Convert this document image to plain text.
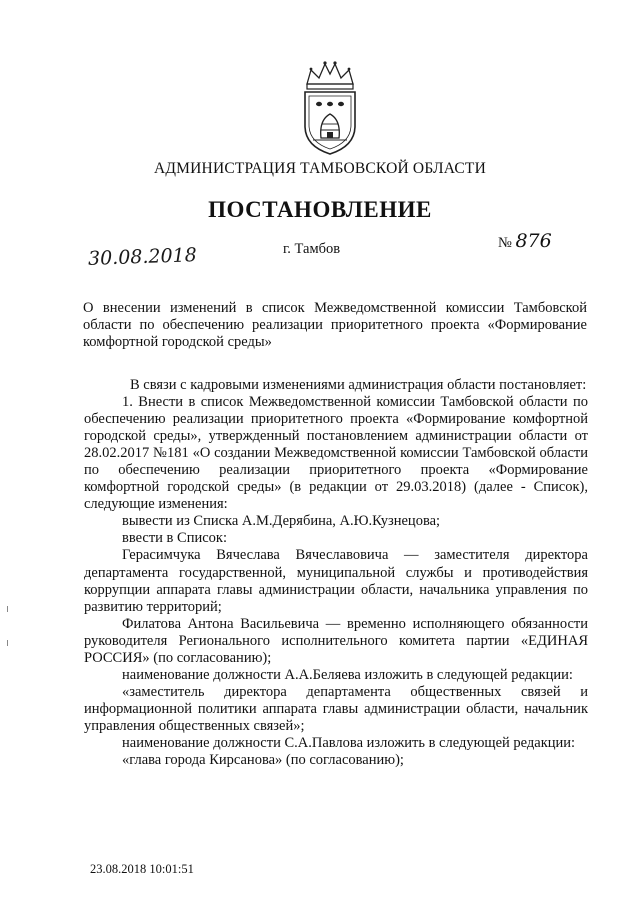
АДМИНИСТРАЦИЯ ТАМБОВСКОЙ ОБЛАСТИ
ПОСТАНОВЛЕНИЕ
30.08.2018	г. Тамбов	№ 876
О внесении изменений в список Межведомственной комиссии Тамбовской области по обеспечению реализации приоритетного проекта «Формирование комфортной городской среды»
В связи с кадровыми изменениями администрация области постановляет:
1. Внести в список Межведомственной комиссии Тамбовской области по обеспечению реализации приоритетного проекта «Формирование комфортной городской среды», утвержденный постановлением администрации области от 28.02.2017 №181 «О создании Межведомственной комиссии Тамбовской области по обеспечению реализации приоритетного проекта «Формирование комфортной городской среды» (в редакции от 29.03.2018) (далее - Список), следующие изменения:
вывести из Списка А.М.Дерябина, А.Ю.Кузнецова;
ввести в Список:
Герасимчука Вячеслава Вячеславовича — заместителя директора департамента государственной, муниципальной службы и противодействия коррупции аппарата главы администрации области, начальника управления по развитию территорий;
Филатова Антона Васильевича — временно исполняющего обязанности руководителя Регионального исполнительного комитета партии «ЕДИНАЯ РОССИЯ» (по согласованию);
наименование должности А.А.Беляева изложить в следующей редакции:
«заместитель директора департамента общественных связей и информационной политики аппарата главы администрации области, начальник управления общественных связей»;
наименование должности С.А.Павлова изложить в следующей редакции:
«глава города Кирсанова» (по согласованию);
23.08.2018 10:01:51
